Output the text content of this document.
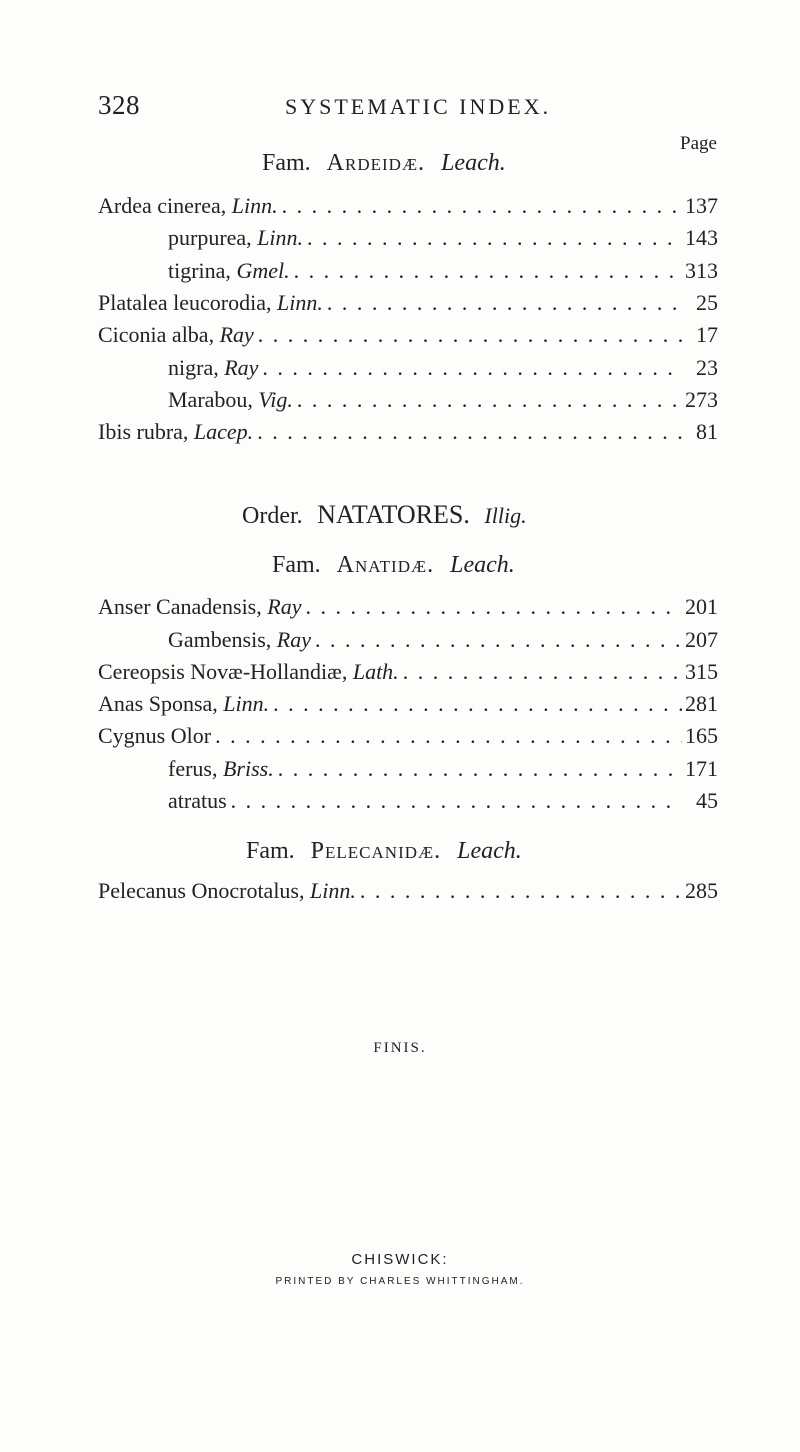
328	SYSTEMATIC INDEX.
Page
Fam. Ardeidæ. Leach.
Ardea cinerea, Linn. . . .	137
purpurea, Linn. . . .	143
tigrina, Gmel. . . .	313
Platalea leucorodia, Linn. . . .	25
Ciconia alba, Ray . . .	17
nigra, Ray . . .	23
Marabou, Vig. . . .	273
Ibis rubra, Lacep. . . .	81
Order. NATATORES. Illig.
Fam. Anatidæ. Leach.
Anser Canadensis, Ray . . .	201
Gambensis, Ray . . .	207
Cereopsis Novæ-Hollandiæ, Lath. . . .	315
Anas Sponsa, Linn. . . .	281
Cygnus Olor . . .	165
ferus, Briss. . . .	171
atratus . . .	45
Fam. Pelecanidæ. Leach.
Pelecanus Onocrotalus, Linn. . . .	285
FINIS.
CHISWICK:
PRINTED BY CHARLES WHITTINGHAM.
